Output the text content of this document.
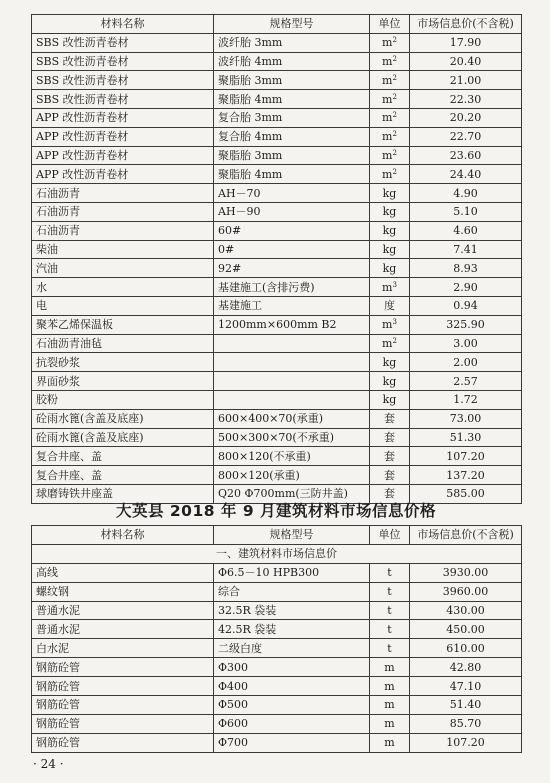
材料名称	规格型号	单位	市场信息价(不含税)
SBS 改性沥青卷材	波纤胎 3mm	$m^2$	17.90
SBS 改性沥青卷材	波纤胎 4mm	$m^2$	20.40
SBS 改性沥青卷材	聚脂胎 3mm	$m^2$	21.00
SBS 改性沥青卷材	聚脂胎 4mm	$m^2$	22.30
APP 改性沥青卷材	复合胎 3mm	$m^2$	20.20
APP 改性沥青卷材	复合胎 4mm	$m^2$	22.70
APP 改性沥青卷材	聚脂胎 3mm	$m^2$	23.60
APP 改性沥青卷材	聚脂胎 4mm	$m^2$	24.40
石油沥青	AH－70	kg	4.90
石油沥青	AH－90	kg	5.10
石油沥青	60#	kg	4.60
柴油	0#	kg	7.41
汽油	92#	kg	8.93
水	基建施工(含排污费)	$m^3$	2.90
电	基建施工	度	0.94
聚苯乙烯保温板	1200mm×600mm B2	$m^3$	325.90
石油沥青油毡		$m^2$	3.00
抗裂砂浆		kg	2.00
界面砂浆		kg	2.57
胶粉		kg	1.72
砼雨水篦(含盖及底座)	600×400×70(承重)	套	73.00
砼雨水篦(含盖及底座)	500×300×70(不承重)	套	51.30
复合井座、盖	800×120(不承重)	套	107.20
复合井座、盖	800×120(承重)	套	137.20
球磨铸铁井座盖	Q20 Φ700mm(三防井盖)	套	585.00
大英县 2018 年 9 月建筑材料市场信息价格
材料名称	规格型号	单位	市场信息价(不含税)
一、建筑材料市场信息价			
高线	Φ6.5－10 HPB300	t	3930.00
螺纹钢	综合	t	3960.00
普通水泥	32.5R 袋装	t	430.00
普通水泥	42.5R 袋装	t	450.00
白水泥	二级白度	t	610.00
钢筋砼管	Φ300	m	42.80
钢筋砼管	Φ400	m	47.10
钢筋砼管	Φ500	m	51.40
钢筋砼管	Φ600	m	85.70
钢筋砼管	Φ700	m	107.20
· 24 ·
